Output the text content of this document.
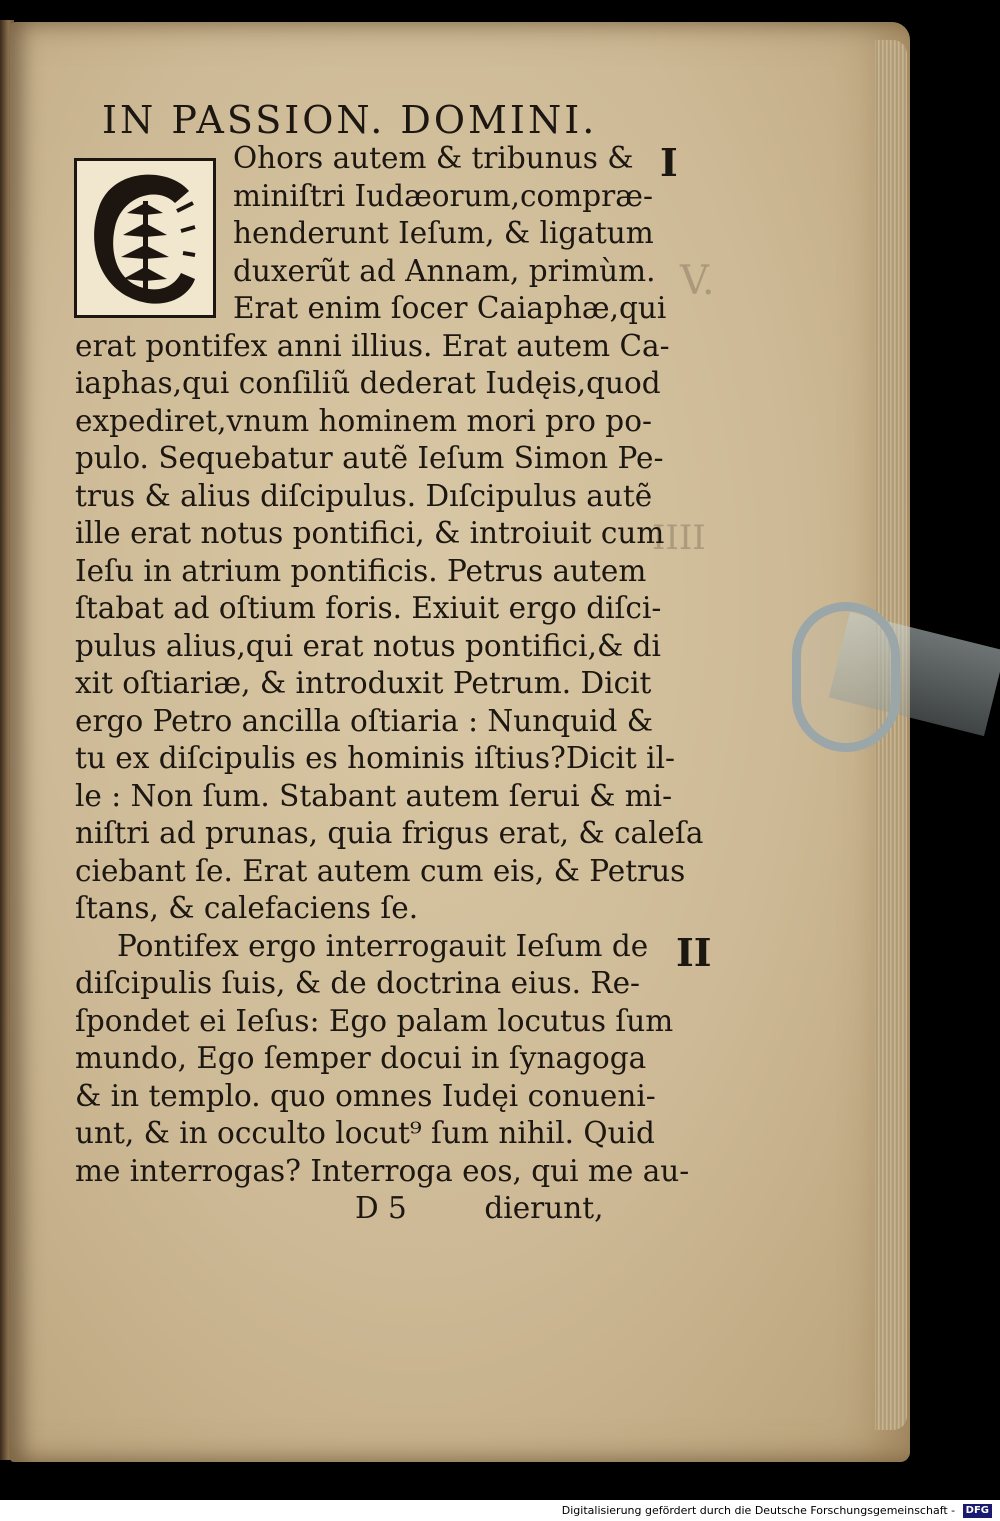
IN PASSION. DOMINI.
I
II
V.
IIII
Ohors autem & tribunus &
miniſtri Iudæorum,compræ-
henderunt Ieſum, & ligatum
duxerũt ad Annam, primùm.
Erat enim ſocer Caiaphæ,qui
erat pontifex anni illius. Erat autem Ca-
iaphas,qui conſiliũ dederat Iudęis,quod
expediret,vnum hominem mori pro po-
pulo. Sequebatur autẽ Ieſum Simon Pe-
trus & alius diſcipulus. Dıſcipulus autẽ
ille erat notus pontifici, & introiuit cum
Ieſu in atrium pontificis. Petrus autem
ſtabat ad oſtium foris. Exiuit ergo diſci-
pulus alius,qui erat notus pontifici,& di
xit oſtiariæ, & introduxit Petrum. Dicit
ergo Petro ancilla oſtiaria : Nunquid &
tu ex diſcipulis es hominis iſtius?Dicit il-
le : Non ſum. Stabant autem ſerui & mi-
niſtri ad prunas, quia frigus erat, & caleſa
ciebant ſe. Erat autem cum eis, & Petrus
ſtans, & calefaciens ſe.
Pontifex ergo interrogauit Ieſum de
diſcipulis ſuis, & de doctrina eius. Re-
ſpondet ei Ieſus: Ego palam locutus ſum
mundo, Ego ſemper docui in ſynagoga
& in templo. quo omnes Iudęi conueni-
unt, & in occulto locut⁹ ſum nihil. Quid
me interrogas? Interroga eos, qui me au-
D 5	dierunt,
Digitalisierung gefördert durch die Deutsche Forschungsgemeinschaft - DFG
